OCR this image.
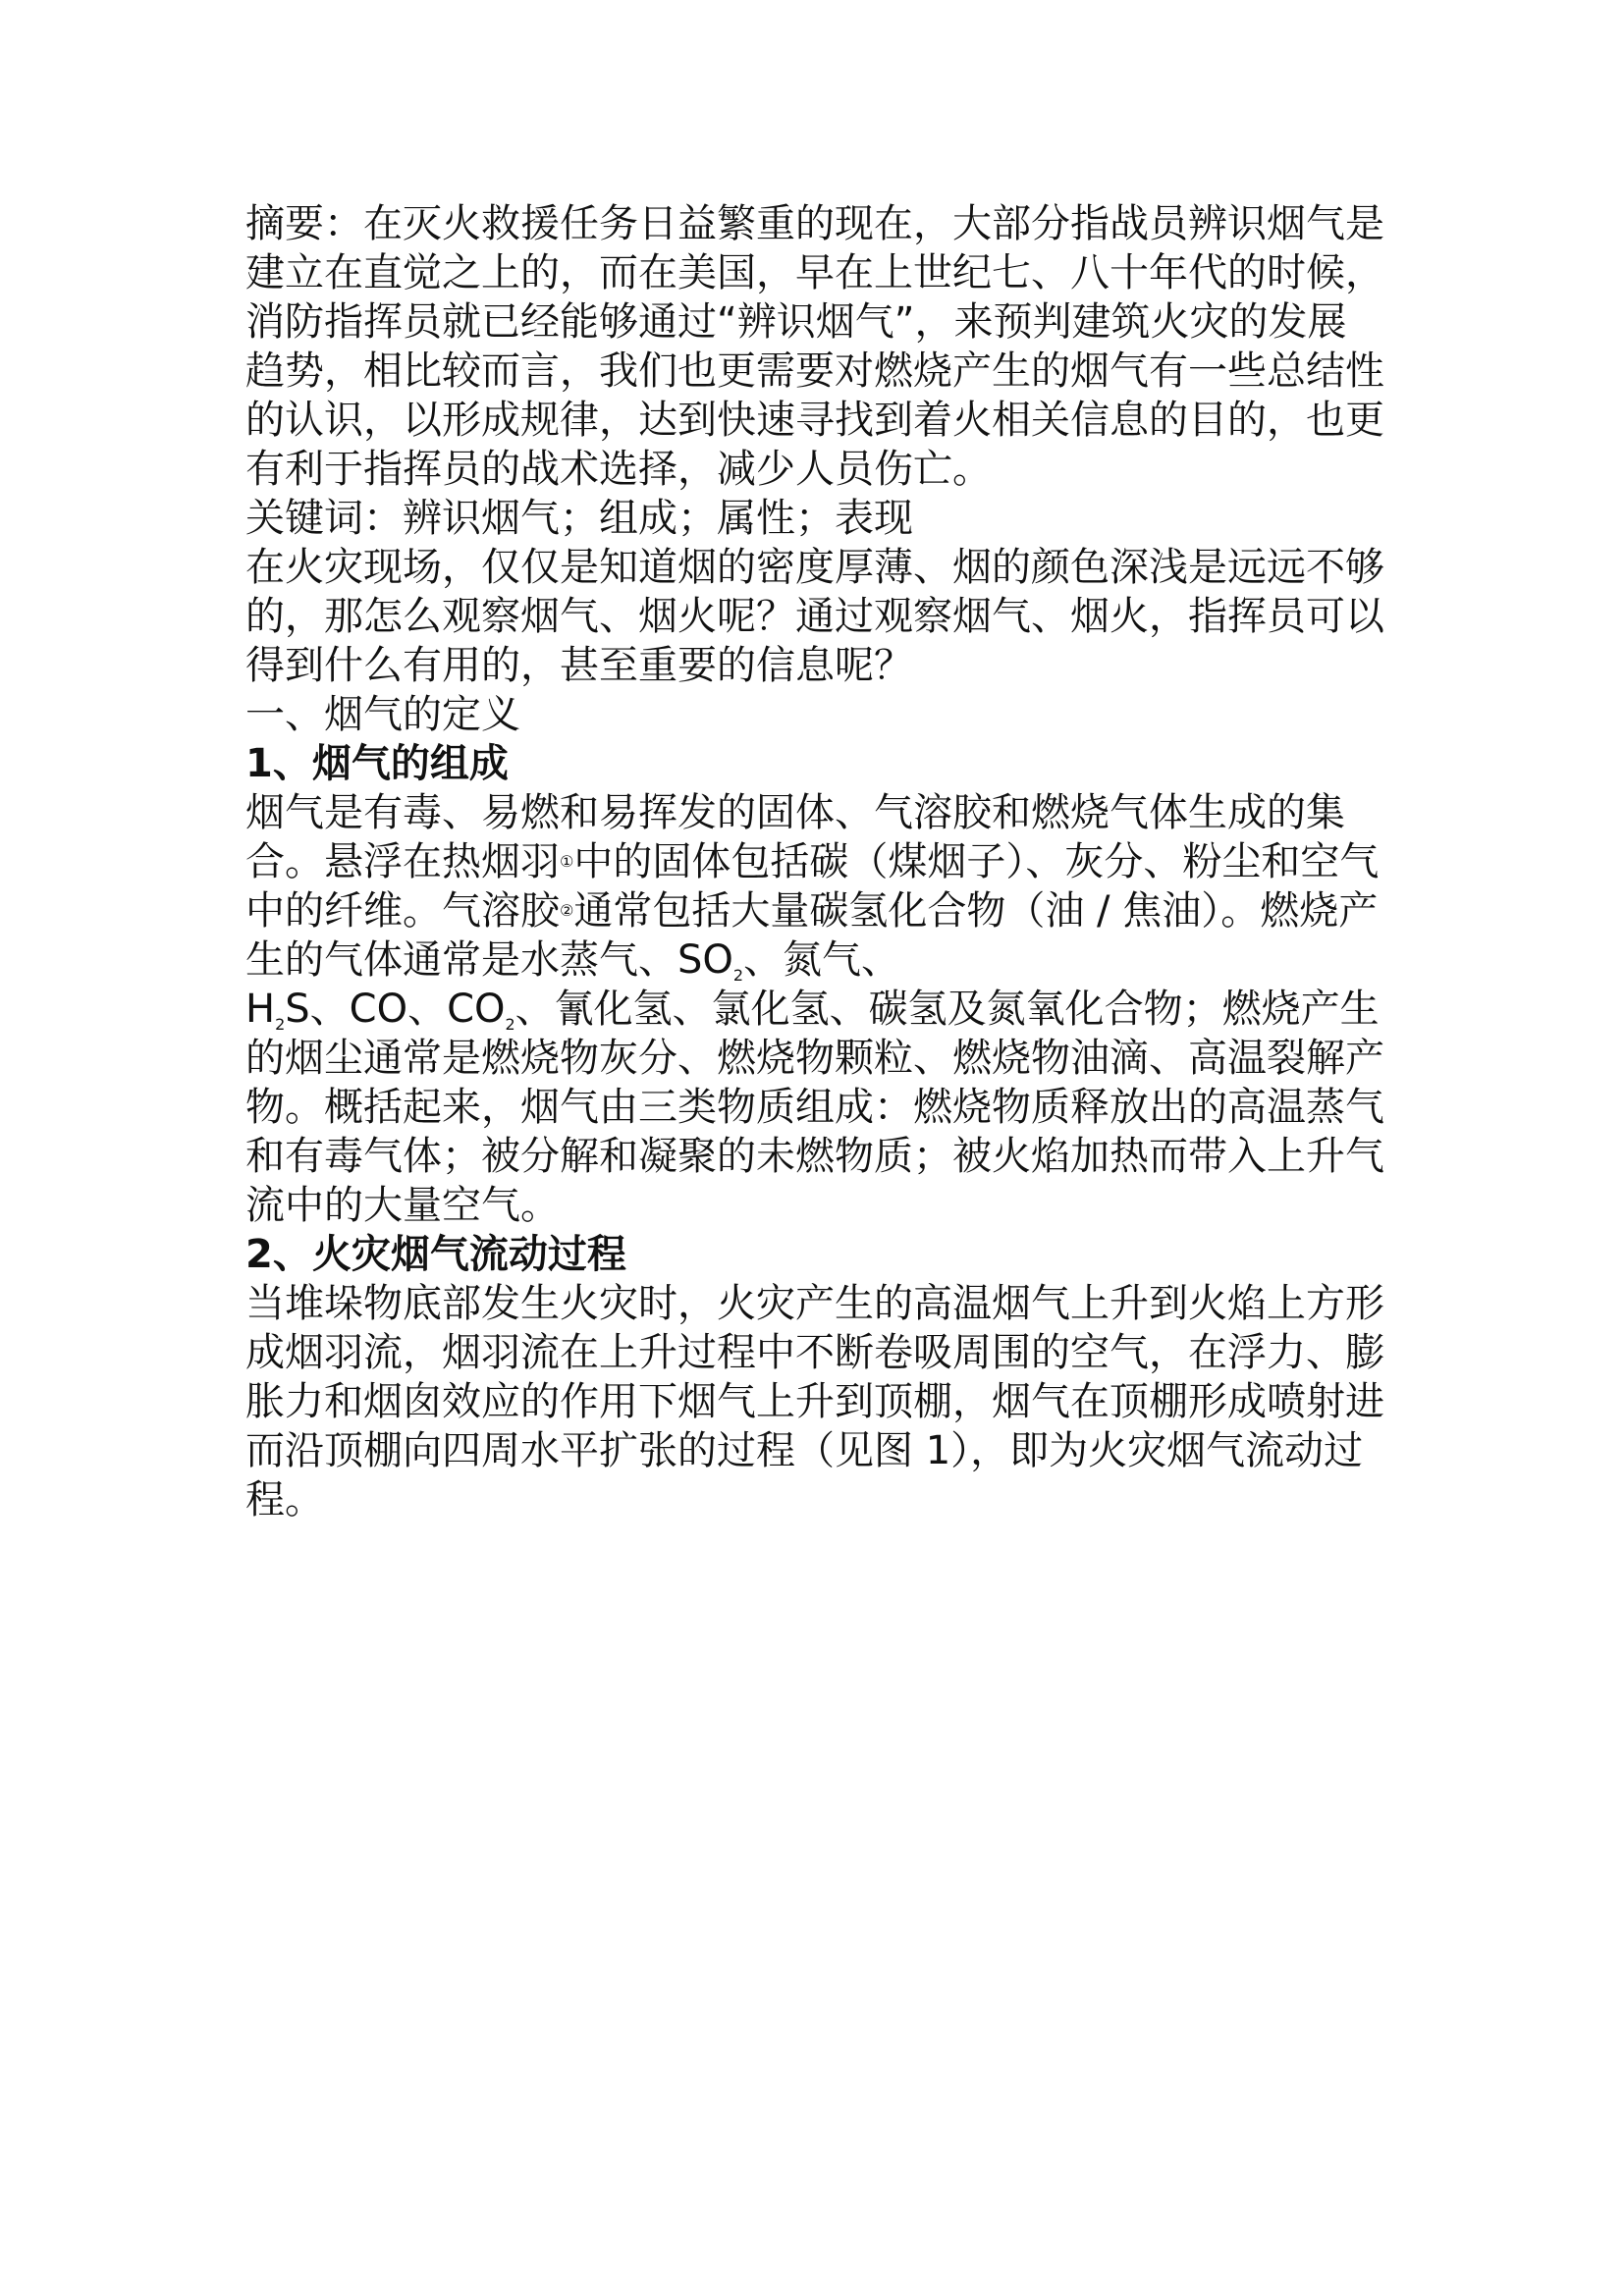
摘要：在灭火救援任务日益繁重的现在，大部分指战员辨识烟气是建立在直觉之上的，而在美国，早在上世纪七、八十年代的时候，消防指挥员就已经能够通过“辨识烟气”，来预判建筑火灾的发展趋势，相比较而言，我们也更需要对燃烧产生的烟气有一些总结性的认识，以形成规律，达到快速寻找到着火相关信息的目的，也更有利于指挥员的战术选择，减少人员伤亡。

关键词：辨识烟气；组成；属性；表现

在火灾现场，仅仅是知道烟的密度厚薄、烟的颜色深浅是远远不够的，那怎么观察烟气、烟火呢？通过观察烟气、烟火，指挥员可以得到什么有用的，甚至重要的信息呢？

一、烟气的定义

1、烟气的组成

烟气是有毒、易燃和易挥发的固体、气溶胶和燃烧气体生成的集合。悬浮在热烟羽①中的固体包括碳（煤烟子）、灰分、粉尘和空气中的纤维。气溶胶②通常包括大量碳氢化合物（油 / 焦油）。燃烧产生的气体通常是水蒸气、$SO_2$、氮气、
$H_2S$、CO、$CO_2$、氰化氢、氯化氢、碳氢及氮氧化合物；燃烧产生的烟尘通常是燃烧物灰分、燃烧物颗粒、燃烧物油滴、高温裂解产物。概括起来，烟气由三类物质组成：燃烧物质释放出的高温蒸气和有毒气体；被分解和凝聚的未燃物质；被火焰加热而带入上升气流中的大量空气。

2、火灾烟气流动过程

当堆垛物底部发生火灾时，火灾产生的高温烟气上升到火焰上方形成烟羽流，烟羽流在上升过程中不断卷吸周围的空气，在浮力、膨胀力和烟囱效应的作用下烟气上升到顶棚，烟气在顶棚形成喷射进而沿顶棚向四周水平扩张的过程（见图 1），即为火灾烟气流动过程。
